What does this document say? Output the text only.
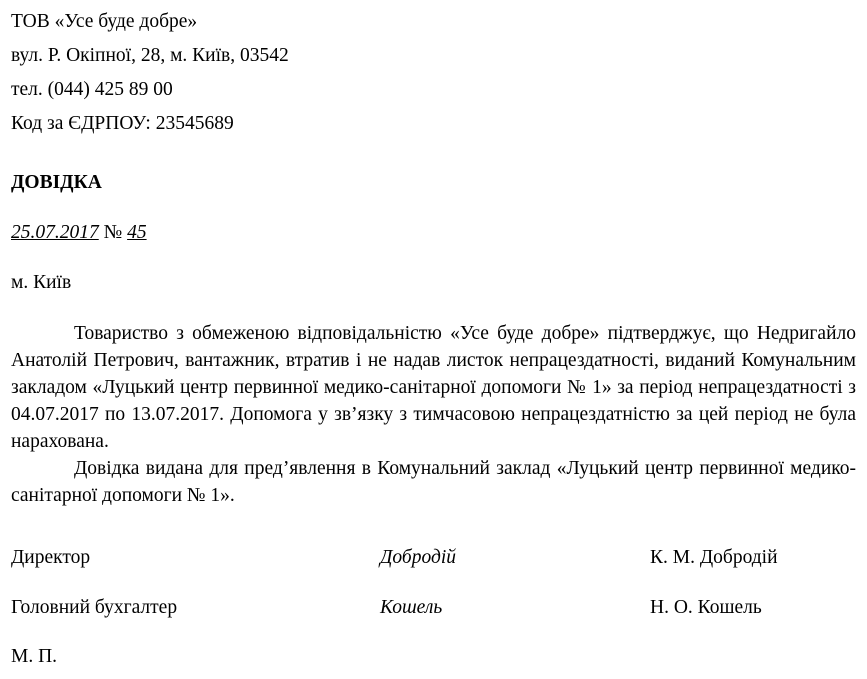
ТОВ «Усе буде добре»
вул. Р. Окіпної, 28, м. Київ, 03542
тел. (044) 425 89 00
Код за ЄДРПОУ: 23545689
ДОВІДКА
25.07.2017 № 45
м. Київ

Товариство з обмеженою відповідальністю «Усе буде добре» підтверджує, що Недригайло Анатолій Петрович, вантажник, втратив і не надав листок непрацездатності, виданий Комунальним закладом «Луцький центр первинної медико-санітарної допомоги № 1» за період непрацездатності з 04.07.2017 по 13.07.2017. Допомога у зв’язку з тимчасовою непрацездатністю за цей період не була нарахована.

Довідка видана для пред’явлення в Комунальний заклад «Луцький центр первинної медико-санітарної допомоги № 1».

Директор	Добродій	К. М. Добродій
Головний бухгалтер	Кошель	Н. О. Кошель
М. П.
